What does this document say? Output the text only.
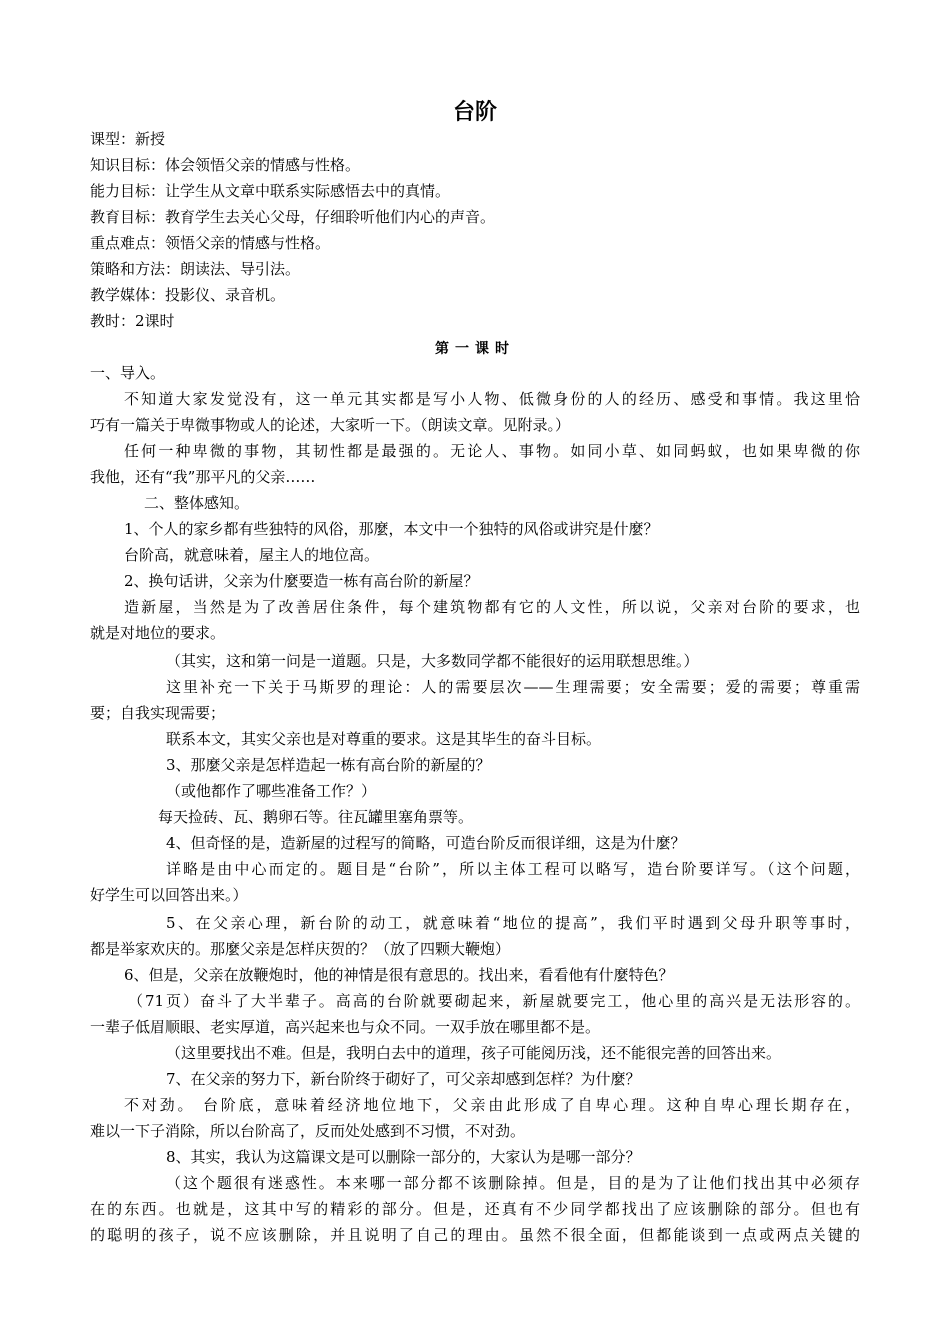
台阶
课型：新授
知识目标：体会领悟父亲的情感与性格。
能力目标：让学生从文章中联系实际感悟去中的真情。
教育目标：教育学生去关心父母，仔细聆听他们内心的声音。
重点难点：领悟父亲的情感与性格。
策略和方法：朗读法、导引法。
教学媒体：投影仪、录音机。
教时：2课时
第一课时
一、导入。
不知道大家发觉没有，这一单元其实都是写小人物、低微身份的人的经历、感受和事情。我这里恰
巧有一篇关于卑微事物或人的论述，大家听一下。（朗读文章。见附录。）
任何一种卑微的事物，其韧性都是最强的。无论人、事物。如同小草、如同蚂蚁，也如果卑微的你
我他，还有“我”那平凡的父亲……
二、整体感知。
1、个人的家乡都有些独特的风俗，那麼，本文中一个独特的风俗或讲究是什麼？
台阶高，就意味着，屋主人的地位高。
2、换句话讲，父亲为什麼要造一栋有高台阶的新屋？
造新屋，当然是为了改善居住条件，每个建筑物都有它的人文性，所以说，父亲对台阶的要求，也
就是对地位的要求。
（其实，这和第一问是一道题。只是，大多数同学都不能很好的运用联想思维。）
这里补充一下关于马斯罗的理论：人的需要层次——生理需要；安全需要；爱的需要；尊重需
要；自我实现需要；
联系本文，其实父亲也是对尊重的要求。这是其毕生的奋斗目标。
3、那麼父亲是怎样造起一栋有高台阶的新屋的？
（或他都作了哪些准备工作？）
每天捡砖、瓦、鹅卵石等。往瓦罐里塞角票等。
4、但奇怪的是，造新屋的过程写的简略，可造台阶反而很详细，这是为什麼？
详略是由中心而定的。题目是“台阶”，所以主体工程可以略写，造台阶要详写。（这个问题，
好学生可以回答出来。）
5、在父亲心理，新台阶的动工，就意味着“地位的提高”，我们平时遇到父母升职等事时，
都是举家欢庆的。那麼父亲是怎样庆贺的？（放了四颗大鞭炮）
6、但是，父亲在放鞭炮时，他的神情是很有意思的。找出来，看看他有什麼特色？
（71页）奋斗了大半辈子。高高的台阶就要砌起来，新屋就要完工，他心里的高兴是无法形容的。
一辈子低眉顺眼、老实厚道，高兴起来也与众不同。一双手放在哪里都不是。
（这里要找出不难。但是，我明白去中的道理，孩子可能阅历浅，还不能很完善的回答出来。
7、在父亲的努力下，新台阶终于砌好了，可父亲却感到怎样？为什麼？
不对劲。 台阶底，意味着经济地位地下，父亲由此形成了自卑心理。这种自卑心理长期存在，
难以一下子消除，所以台阶高了，反而处处感到不习惯，不对劲。
8、其实，我认为这篇课文是可以删除一部分的，大家认为是哪一部分？
（这个题很有迷惑性。本来哪一部分都不该删除掉。但是，目的是为了让他们找出其中必须存
在的东西。也就是，这其中写的精彩的部分。但是，还真有不少同学都找出了应该删除的部分。但也有
的聪明的孩子，说不应该删除，并且说明了自己的理由。虽然不很全面，但都能谈到一点或两点关键的
